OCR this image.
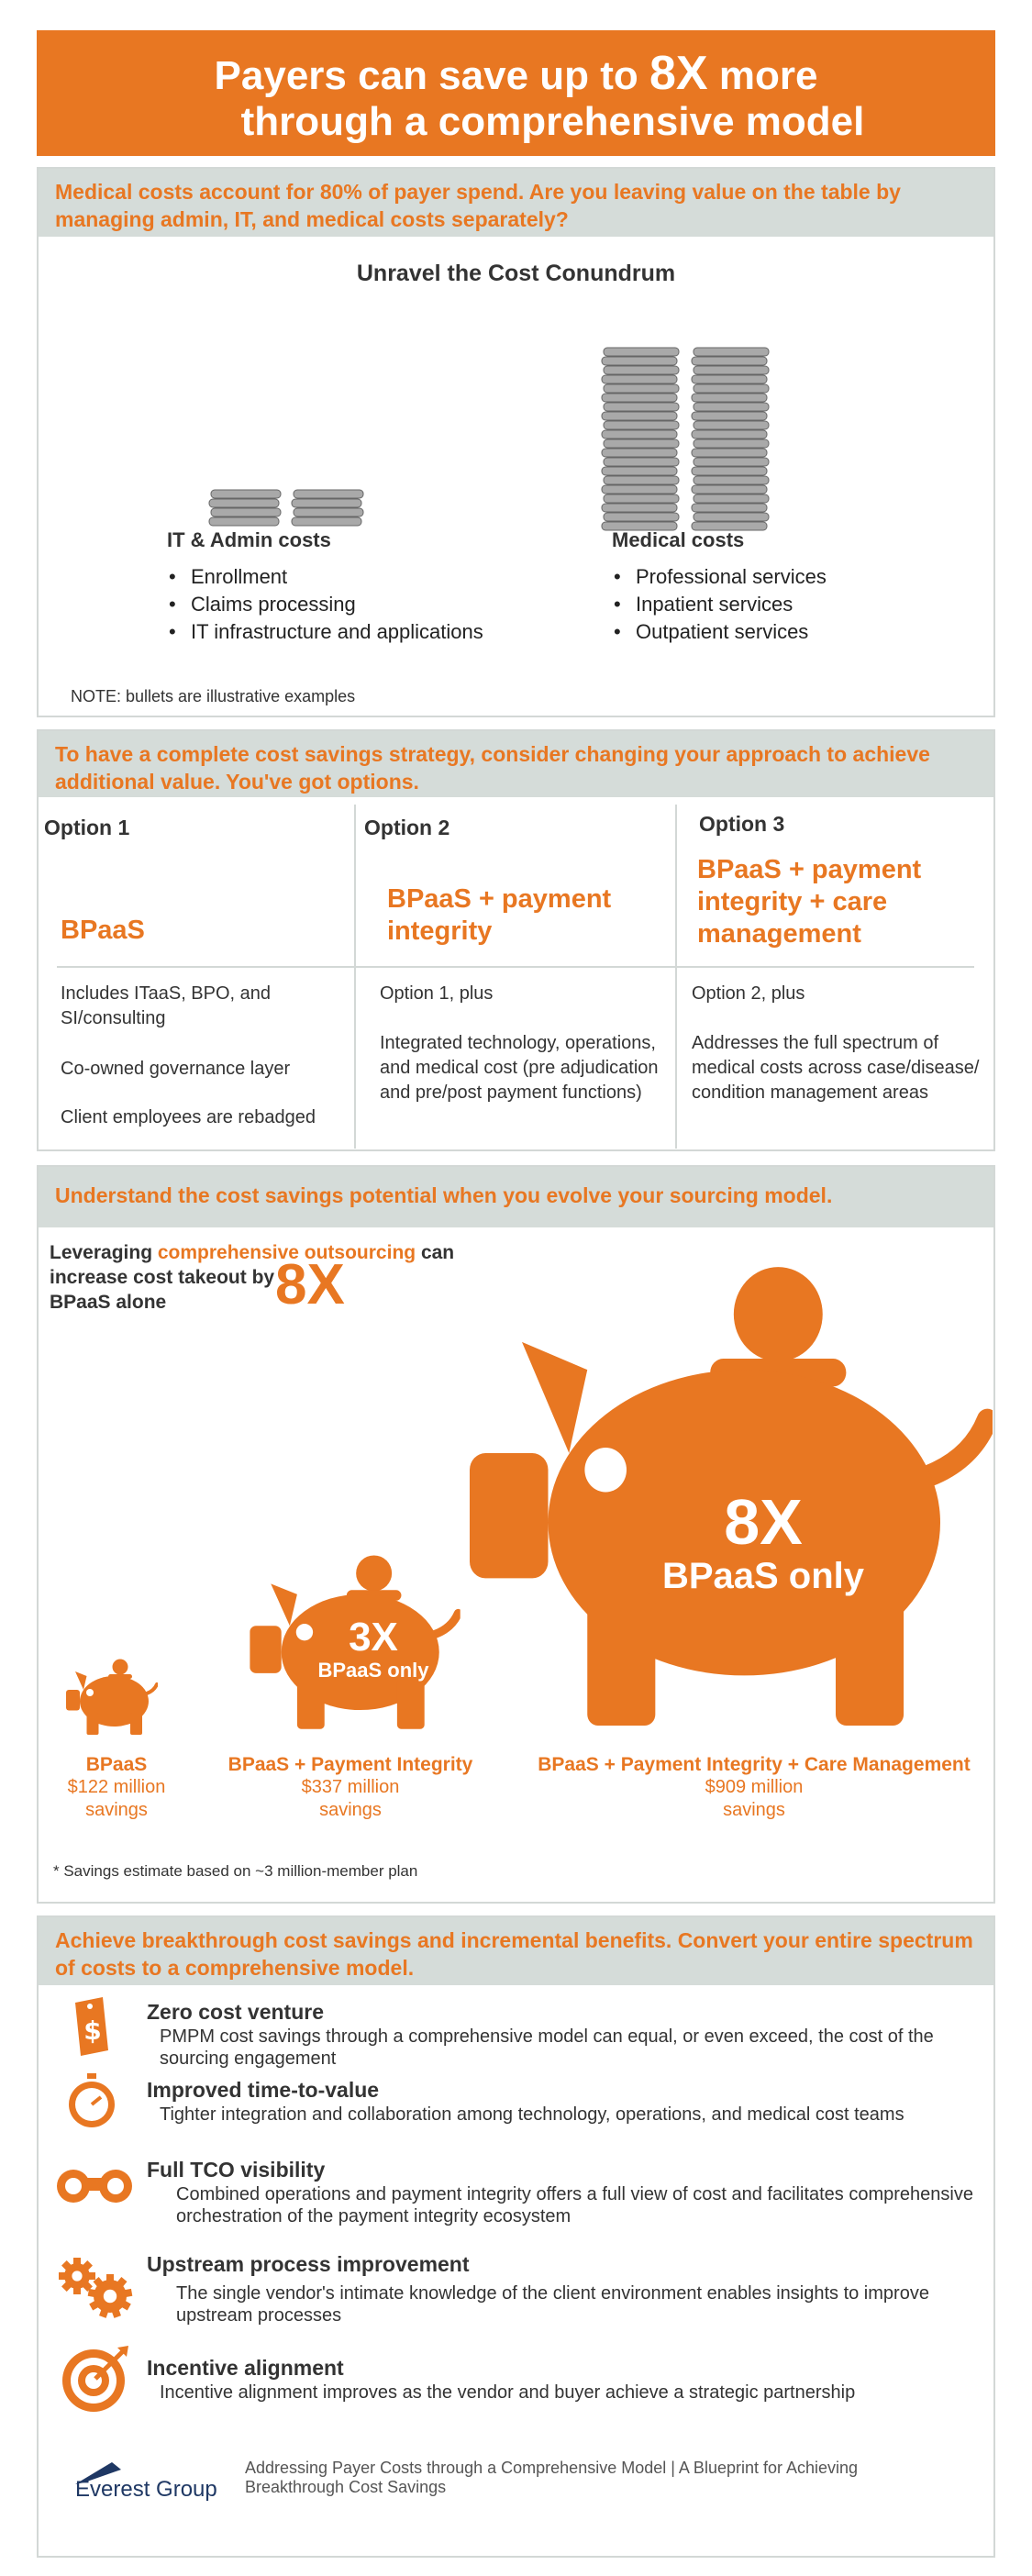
Payers can save up to 8X more
through a comprehensive model
Medical costs account for 80% of payer spend. Are you leaving value on the table by managing admin, IT, and medical costs separately?
Unravel the Cost Conundrum
IT & Admin costs
• Enrollment
• Claims processing
• IT infrastructure and applications
Medical costs
• Professional services
• Inpatient services
• Outpatient services
NOTE: bullets are illustrative examples
To have a complete cost savings strategy, consider changing your approach to achieve additional value. You've got options.
Option 1
BPaaS
Includes ITaaS, BPO, and SI/consulting
Co-owned governance layer
Client employees are rebadged
Option 2
BPaaS + payment integrity
Option 1, plus
Integrated technology, operations, and medical cost (pre adjudication and pre/post payment functions)
Option 3
BPaaS + payment integrity + care management
Option 2, plus
Addresses the full spectrum of medical costs across case/disease/ condition management areas
Understand the cost savings potential when you evolve your sourcing model.
Leveraging comprehensive outsourcing can increase cost takeout by
BPaaS alone	8X
3X
BPaaS only
8X
BPaaS only
BPaaS
$122 million
savings
BPaaS + Payment Integrity
$337 million
savings
BPaaS + Payment Integrity + Care Management
$909 million
savings
* Savings estimate based on ~3 million-member plan
Achieve breakthrough cost savings and incremental benefits. Convert your entire spectrum of costs to a comprehensive model.
$
Zero cost venture
PMPM cost savings through a comprehensive model can equal, or even exceed, the cost of the sourcing engagement
Improved time-to-value
Tighter integration and collaboration among technology, operations, and medical cost teams
Full TCO visibility
Combined operations and payment integrity offers a full view of cost and facilitates comprehensive orchestration of the payment integrity ecosystem
Upstream process improvement
The single vendor's intimate knowledge of the client environment enables insights to improve upstream processes
Incentive alignment
Incentive alignment improves as the vendor and buyer achieve a strategic partnership
Everest Group
Addressing Payer Costs through a Comprehensive Model | A Blueprint for Achieving Breakthrough Cost Savings
